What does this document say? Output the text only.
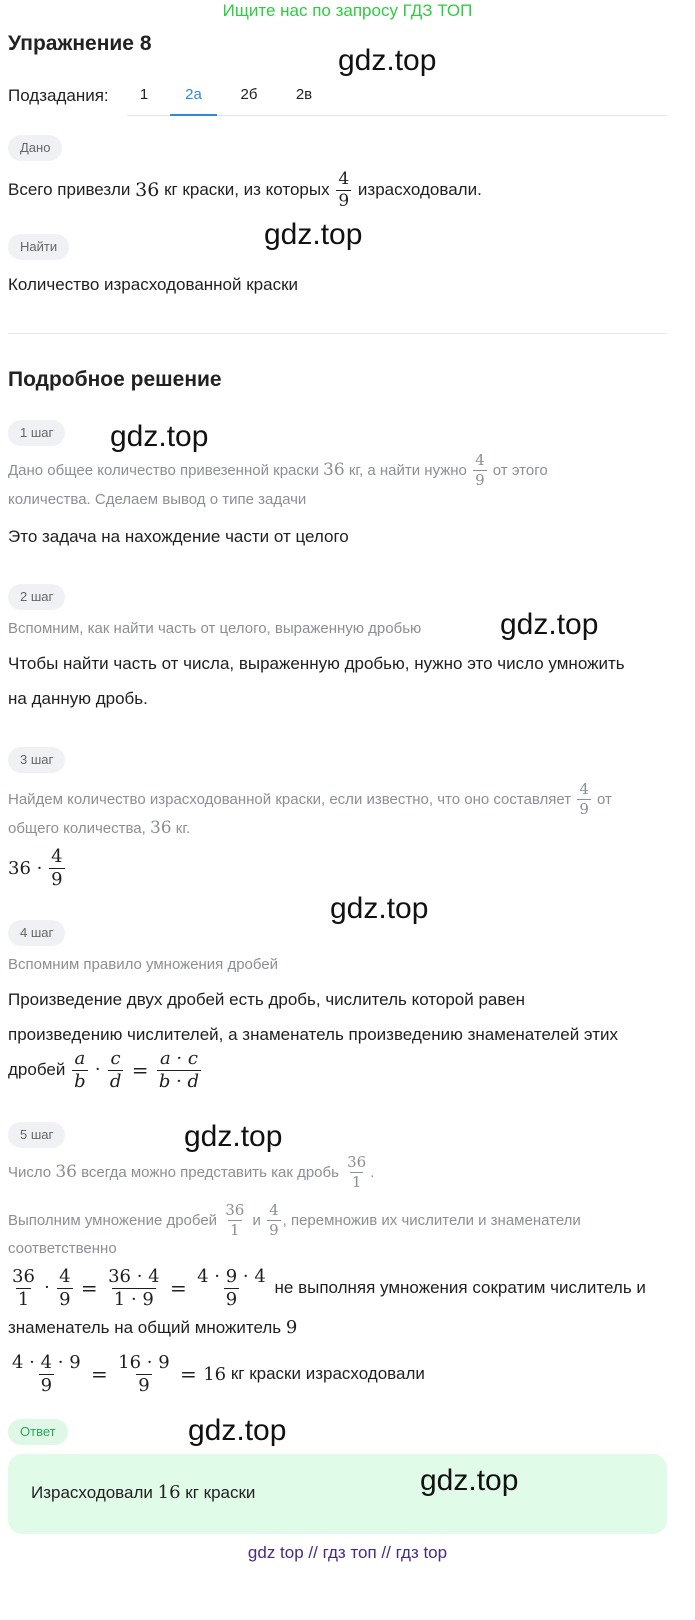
Ищите нас по запросу ГДЗ ТОП
Упражнение 8
gdz.top
Подзадания:	1	2а	2б	2в
Дано
Всего привезли
36
кг краски, из которых
$\frac{4}{9}$
израсходовали.
gdz.top
Найти
Количество израсходованной краски
Подробное решение
1 шаг	gdz.top
Дано общее количество привезенной краски
36
кг, а найти нужно
$\frac{4}{9}$
от этого
количества. Сделаем вывод о типе задачи
Это задача на нахождение части от целого
2 шаг
Вспомним, как найти часть от целого, выраженную дробью	gdz.top
Чтобы найти часть от числа, выраженную дробью, нужно это число умножить
на данную дробь.
3 шаг
Найдем количество израсходованной краски, если известно, что оно составляет
$\frac{4}{9}$
от
общего количества, 36 кг.
36 ·
$\frac{4}{9}$
gdz.top
4 шаг
Вспомним правило умножения дробей
Произведение двух дробей есть дробь, числитель которой равен
произведению числителей, а знаменатель произведению знаменателей этих
дробей
$\frac{a}{b} \cdot \frac{c}{d} = \frac{a \cdot c}{b \cdot d}$
5 шаг	gdz.top
Число
36
всегда можно представить как дробь
$\frac{36}{1}$ .
Выполним умножение дробей
$\frac{36}{1}$
и
$\frac{4}{9}$ , перемножив их числители и знаменатели
соответственно
$\frac{36}{1} \cdot \frac{4}{9} = \frac{36 \cdot 4}{1 \cdot 9} = \frac{4 \cdot 9 \cdot 4}{9}$
не выполняя умножения сократим числитель и
знаменатель на общий множитель 9
$\frac{4 \cdot 4 \cdot 9}{9} = \frac{16 \cdot 9}{9} = 16$
кг краски израсходовали
Ответ	gdz.top
Израсходовали 16 кг краски	gdz.top
gdz top // гдз топ // гдз top
